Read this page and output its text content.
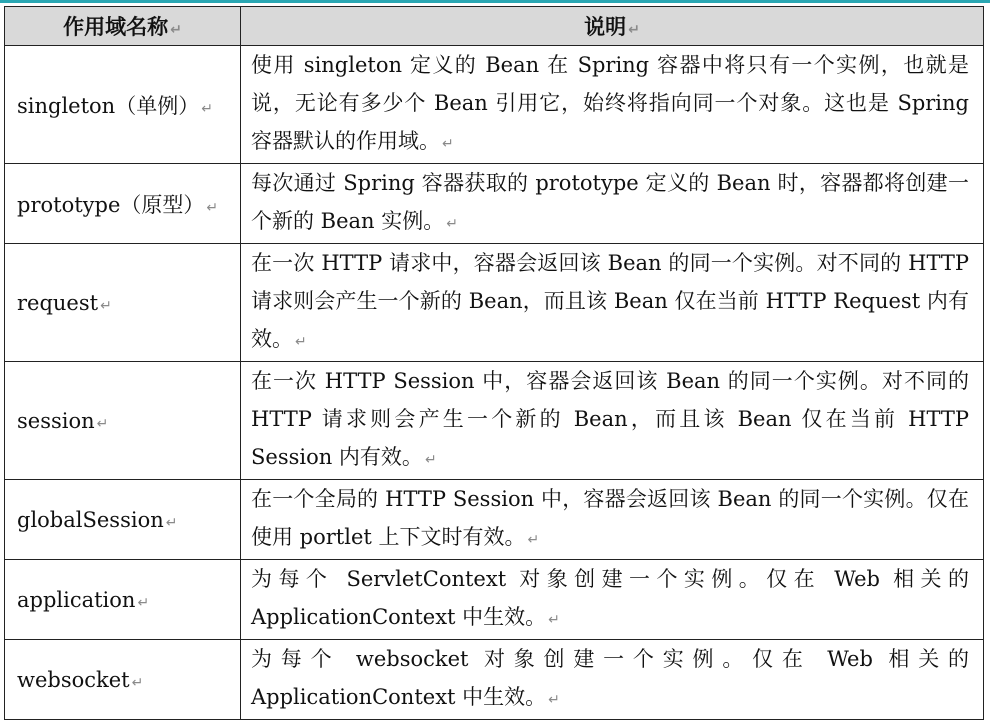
作用域名称 ↵	说明 ↵
singleton（单例） ↵	使用 singleton 定义的 Bean 在 Spring 容器中将只有一个实例，也就是说，无论有多少个 Bean 引用它，始终将指向同一个对象。这也是 Spring 容器默认的作用域。 ↵
prototype（原型） ↵	每次通过 Spring 容器获取的 prototype 定义的 Bean 时，容器都将创建一个新的 Bean 实例。 ↵
request ↵	在一次 HTTP 请求中，容器会返回该 Bean 的同一个实例。对不同的 HTTP 请求则会产生一个新的 Bean，而且该 Bean 仅在当前 HTTP Request 内有效。 ↵
session ↵	在一次 HTTP Session 中，容器会返回该 Bean 的同一个实例。对不同的 HTTP 请求则会产生一个新的 Bean，而且该 Bean 仅在当前 HTTP Session 内有效。 ↵
globalSession ↵	在一个全局的 HTTP Session 中，容器会返回该 Bean 的同一个实例。仅在使用 portlet 上下文时有效。 ↵
application ↵	为每个 ServletContext 对象创建一个实例。仅在 Web 相关的 ApplicationContext 中生效。 ↵
websocket ↵	为每个 websocket 对象创建一个实例。仅在 Web 相关的 ApplicationContext 中生效。 ↵
